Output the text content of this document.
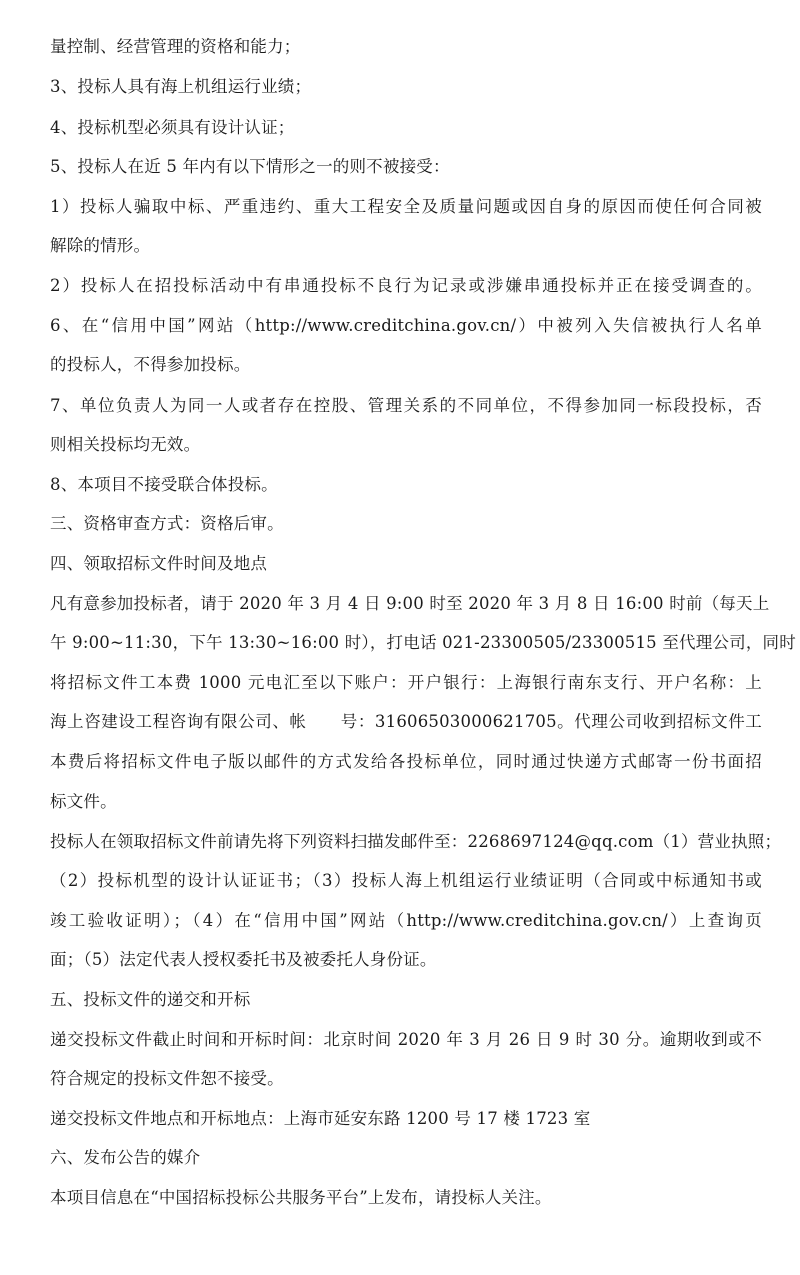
量控制、经营管理的资格和能力；
3、投标人具有海上机组运行业绩；
4、投标机型必须具有设计认证；
5、投标人在近 5 年内有以下情形之一的则不被接受：
1）投标人骗取中标、严重违约、重大工程安全及质量问题或因自身的原因而使任何合同被
解除的情形。
2）投标人在招投标活动中有串通投标不良行为记录或涉嫌串通投标并正在接受调查的。
6、在“信用中国”网站（http://www.creditchina.gov.cn/）中被列入失信被执行人名单
的投标人，不得参加投标。
7、单位负责人为同一人或者存在控股、管理关系的不同单位，不得参加同一标段投标，否
则相关投标均无效。
8、本项目不接受联合体投标。
三、资格审查方式：资格后审。
四、领取招标文件时间及地点
凡有意参加投标者，请于 2020 年 3 月 4 日 9:00 时至 2020 年 3 月 8 日 16:00 时前（每天上
午 9:00~11:30，下午 13:30~16:00 时），打电话 021-23300505/23300515 至代理公司，同时
将招标文件工本费 1000 元电汇至以下账户：开户银行：上海银行南东支行、开户名称：上
海上咨建设工程咨询有限公司、帐　　号：31606503000621705。代理公司收到招标文件工
本费后将招标文件电子版以邮件的方式发给各投标单位，同时通过快递方式邮寄一份书面招
标文件。
投标人在领取招标文件前请先将下列资料扫描发邮件至：2268697124@qq.com（1）营业执照；
（2）投标机型的设计认证证书；（3）投标人海上机组运行业绩证明（合同或中标通知书或
竣工验收证明）；（4）在“信用中国”网站（http://www.creditchina.gov.cn/）上查询页
面；（5）法定代表人授权委托书及被委托人身份证。
五、投标文件的递交和开标
递交投标文件截止时间和开标时间：北京时间 2020 年 3 月 26 日 9 时 30 分。逾期收到或不
符合规定的投标文件恕不接受。
递交投标文件地点和开标地点：上海市延安东路 1200 号 17 楼 1723 室
六、发布公告的媒介
本项目信息在“中国招标投标公共服务平台”上发布，请投标人关注。
